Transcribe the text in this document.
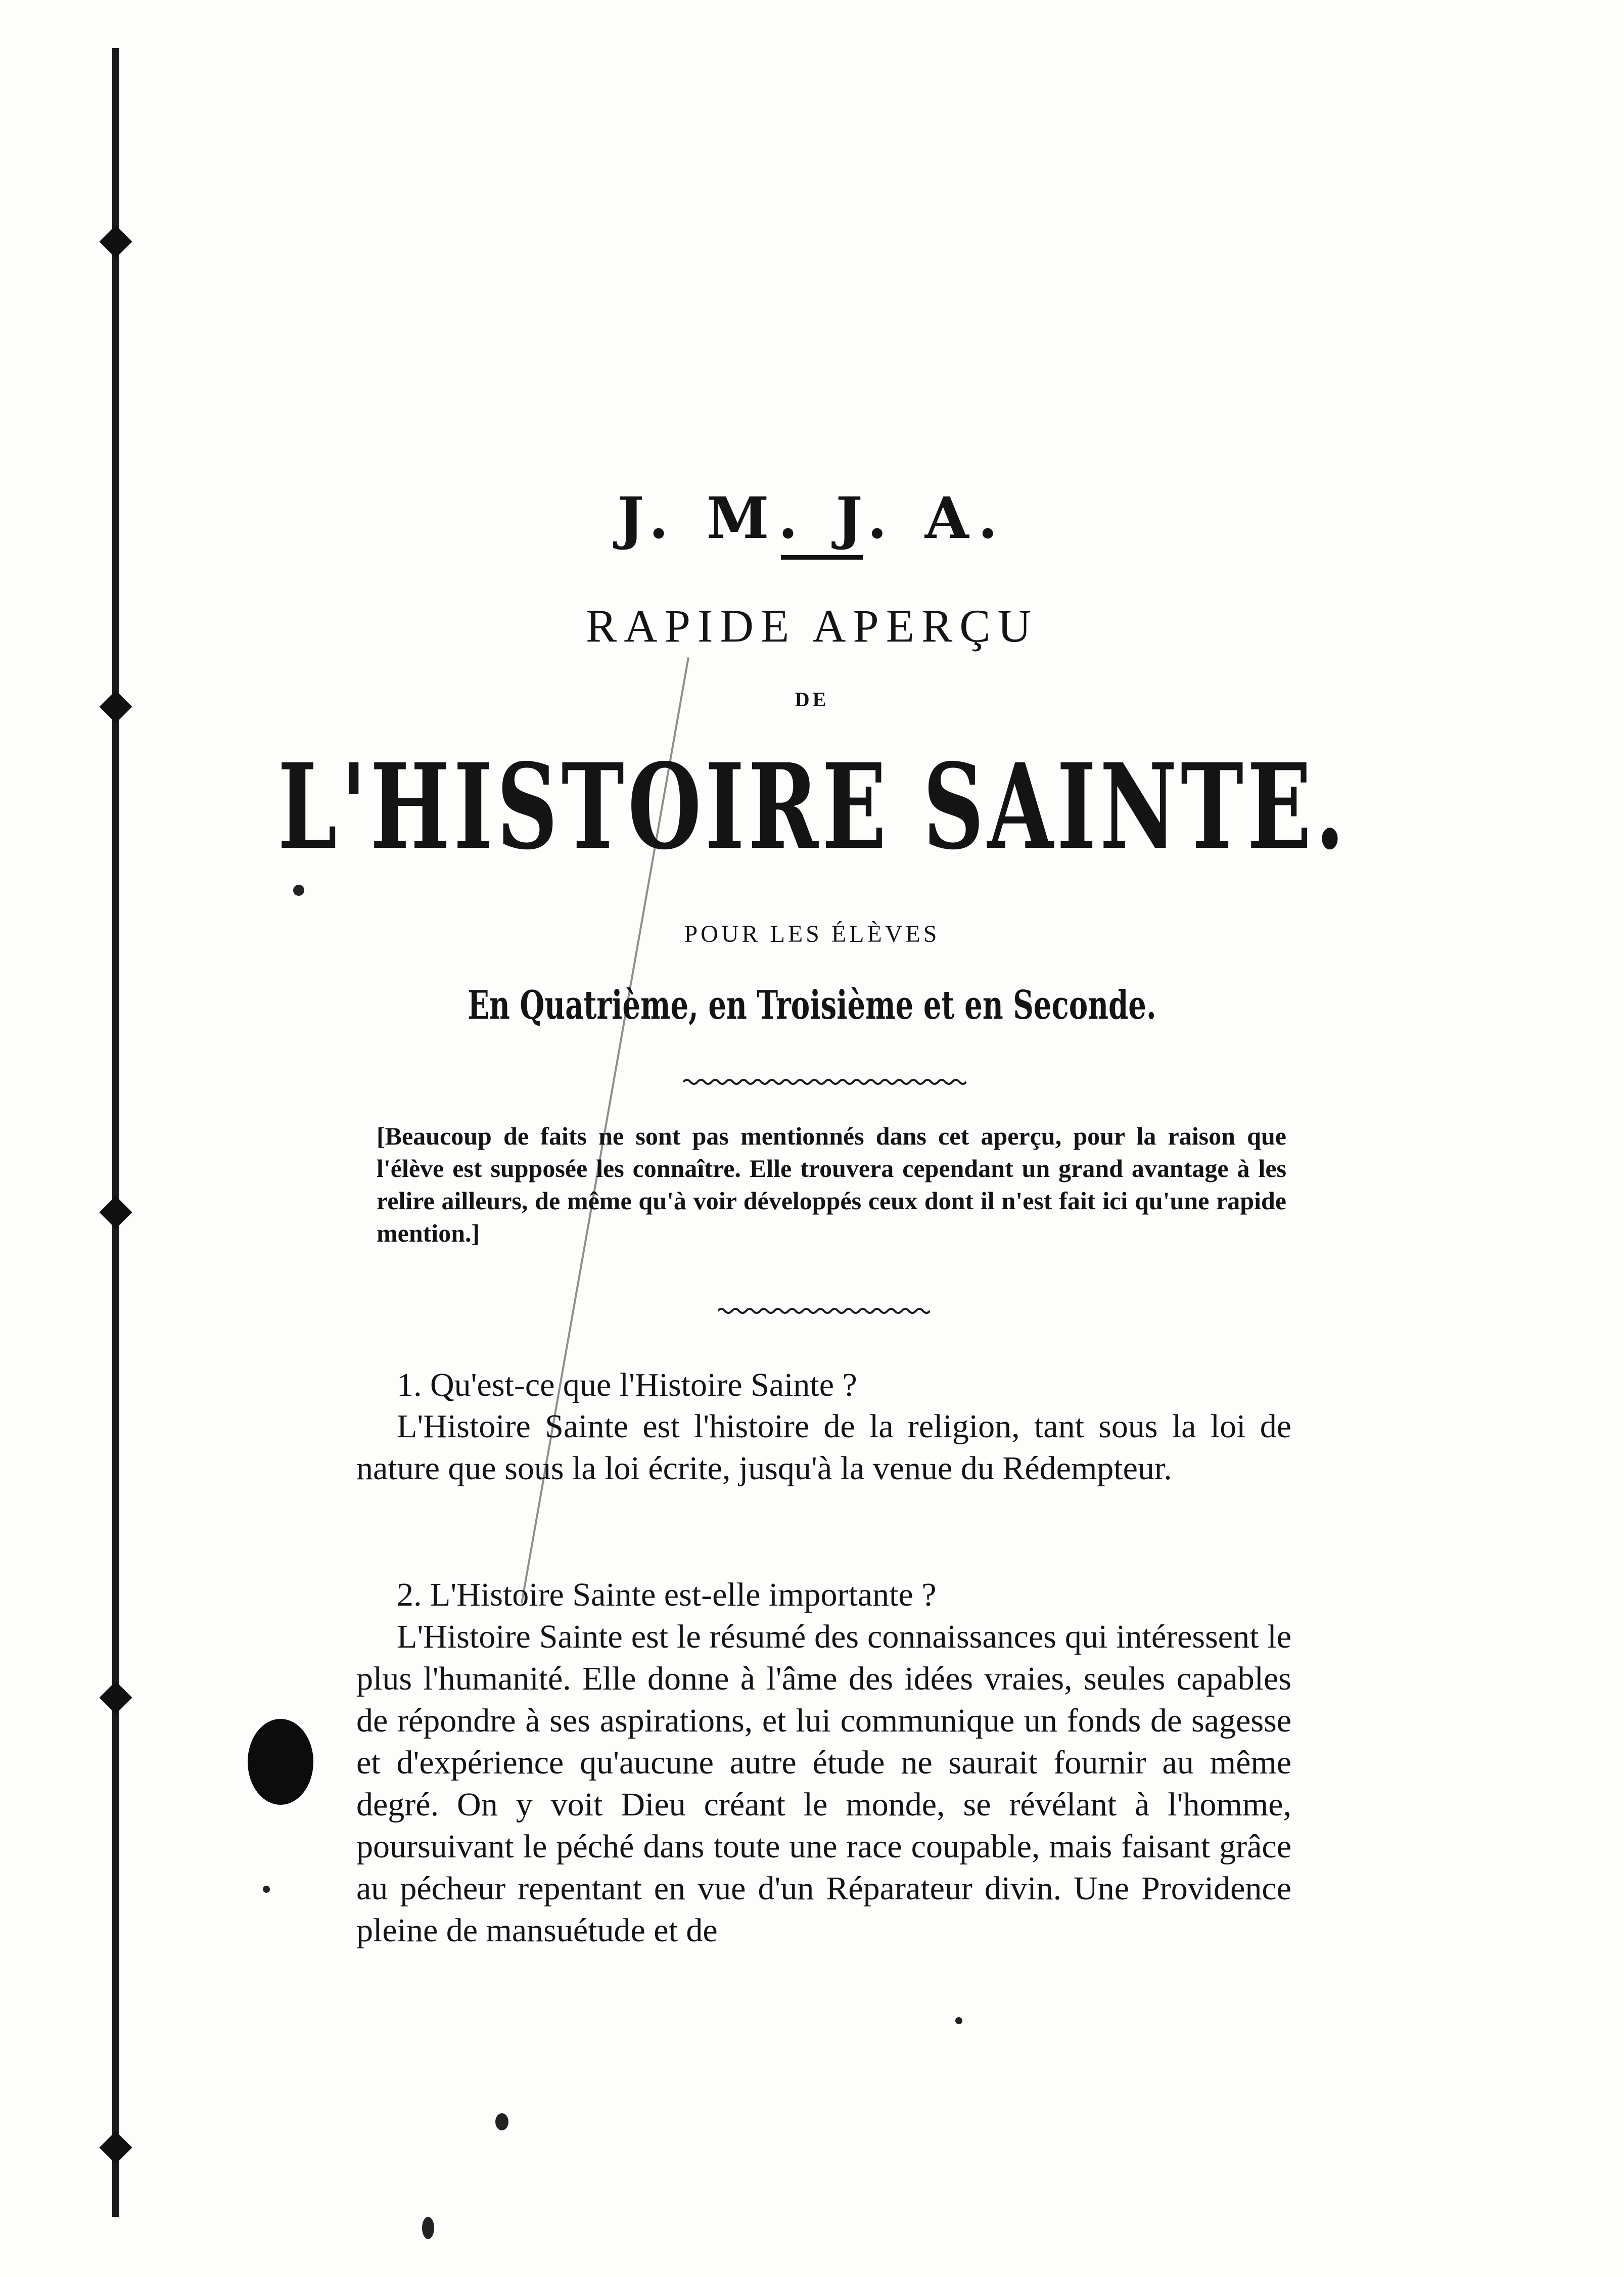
J. M. J. A.
RAPIDE APERÇU
DE
L'HISTOIRE SAINTE.
POUR LES ÉLÈVES
En Quatrième, en Troisième et en Seconde.
[Beaucoup de faits ne sont pas mentionnés dans cet aperçu, pour la raison que l'élève est supposée les connaître. Elle trouvera cependant un grand avantage à les relire ailleurs, de même qu'à voir développés ceux dont il n'est fait ici qu'une rapide mention.]
1. Qu'est-ce que l'Histoire Sainte ?
L'Histoire Sainte est l'histoire de la religion, tant sous la loi de nature que sous la loi écrite, jusqu'à la venue du Rédempteur.
2. L'Histoire Sainte est-elle importante ?
L'Histoire Sainte est le résumé des connaissances qui intéressent le plus l'humanité. Elle donne à l'âme des idées vraies, seules capables de répondre à ses aspirations, et lui communique un fonds de sagesse et d'expérience qu'aucune autre étude ne saurait fournir au même degré. On y voit Dieu créant le monde, se révélant à l'homme, poursuivant le péché dans toute une race coupable, mais faisant grâce au pécheur repentant en vue d'un Réparateur divin. Une Providence pleine de mansuétude et de
